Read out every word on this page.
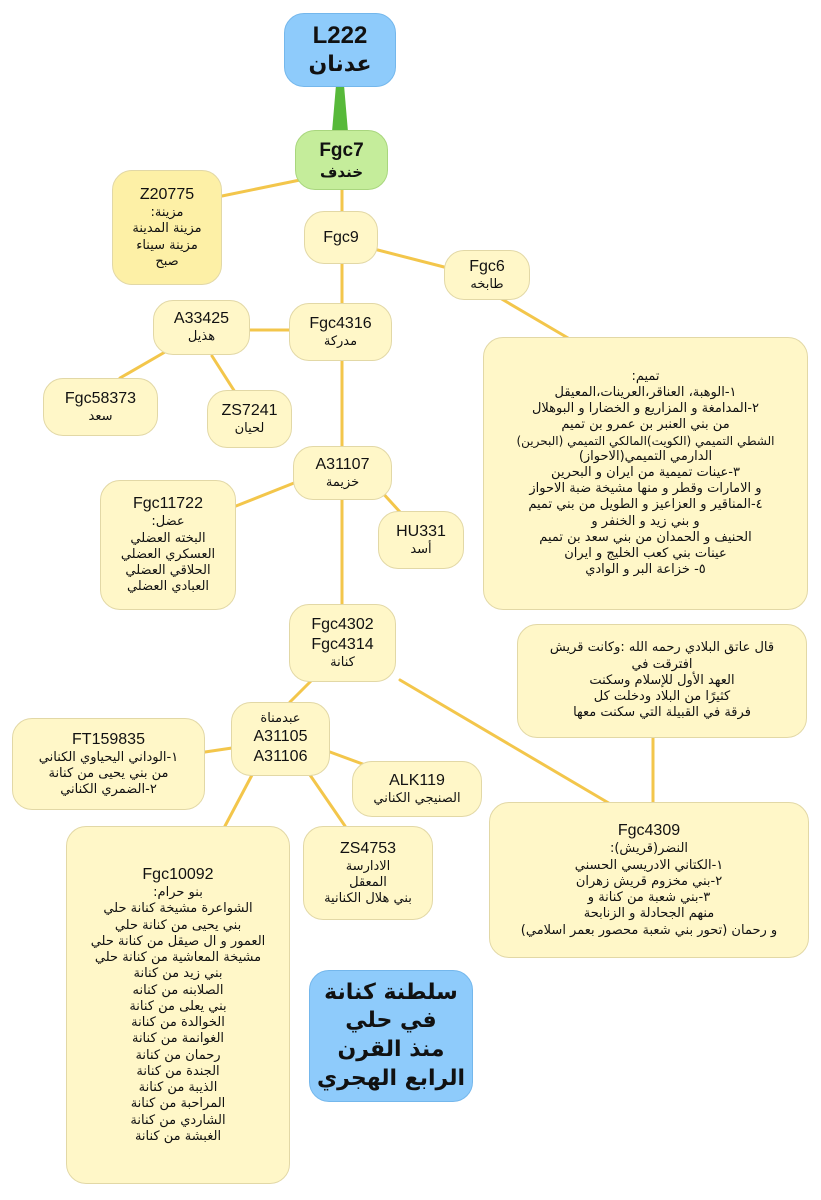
L222
عدنان
Fgc7
خندف
Z20775
مزينة:
مزينة المدينة
مزينة سيناء
صبح
Fgc9
Fgc6
طابخه
Fgc4316
مدركة
A33425
هذيل
Fgc58373
سعد	ZS7241
لحيان
تميم:
١-الوهبة، العناقر،العرينات،المعيقل
٢-المدامغة و المزاريع و الخضارا و البوهلال
من بني العنبر بن عمرو بن تميم
الشطي التميمي (الكويت)المالكي التميمي (البحرين)
الدارمي التميمي(الاحواز)
٣-عينات تميمية من ايران و البحرين
و الامارات وقطر و منها مشيخة ضبة الاحواز
٤-المناقير و العزاعيز و الطويل من بني تميم
و بني زيد و الخنفر و
الحنيف و الحمدان من بني سعد بن تميم
عينات بني كعب الخليج و ايران
٥- خزاعة البر و الوادي
A31107
خزيمة
Fgc11722
عضل:
البخته العضلي
العسكري العضلي
الحلاقي العضلي
العبادي العضلي
HU331
أسد
قال عاتق البلادي رحمه الله :وكانت قريش
افترقت في
العهد الأول للإسلام وسكنت
كثيرًا من البلاد ودخلت كل
فرقة في القبيلة التي سكنت معها
Fgc4302
Fgc4314
كنانة
عبدمناة
A31105
A31106
FT159835
١-الوداني اليحياوي الكناني
من بني يحيى من كنانة
٢-الضمري الكناني
ALK119
الصنيجي الكناني
Fgc10092
بنو حرام:
الشواعرة مشيخة كنانة حلي
بني يحيى من كنانة حلي
العمور و ال صيقل من كنانة حلي
مشيخة المعاشية من كنانة حلي
بني زيد من كنانة
الصلابنه من كنانه
بني يعلى من كنانة
الخوالدة من كنانة
الغوانمة من كنانة
رحمان من كنانة
الجندة من كنانة
الذيبة من كنانة
المراحبة من كنانة
الشاردي من كنانة
الغبشة من كنانة
ZS4753
الادارسة
المعقل
بني هلال الكنانية
Fgc4309
النضر(قريش):
١-الكتاني الادريسي الحسني
٢-بني مخزوم قريش زهران
٣-بني شعبة من كنانة و
منهم الجحادلة و الزنابحة
و رحمان (تحور بني شعبة محصور بعمر اسلامي)
سلطنة كنانة
في حلي
منذ القرن
الرابع الهجري
